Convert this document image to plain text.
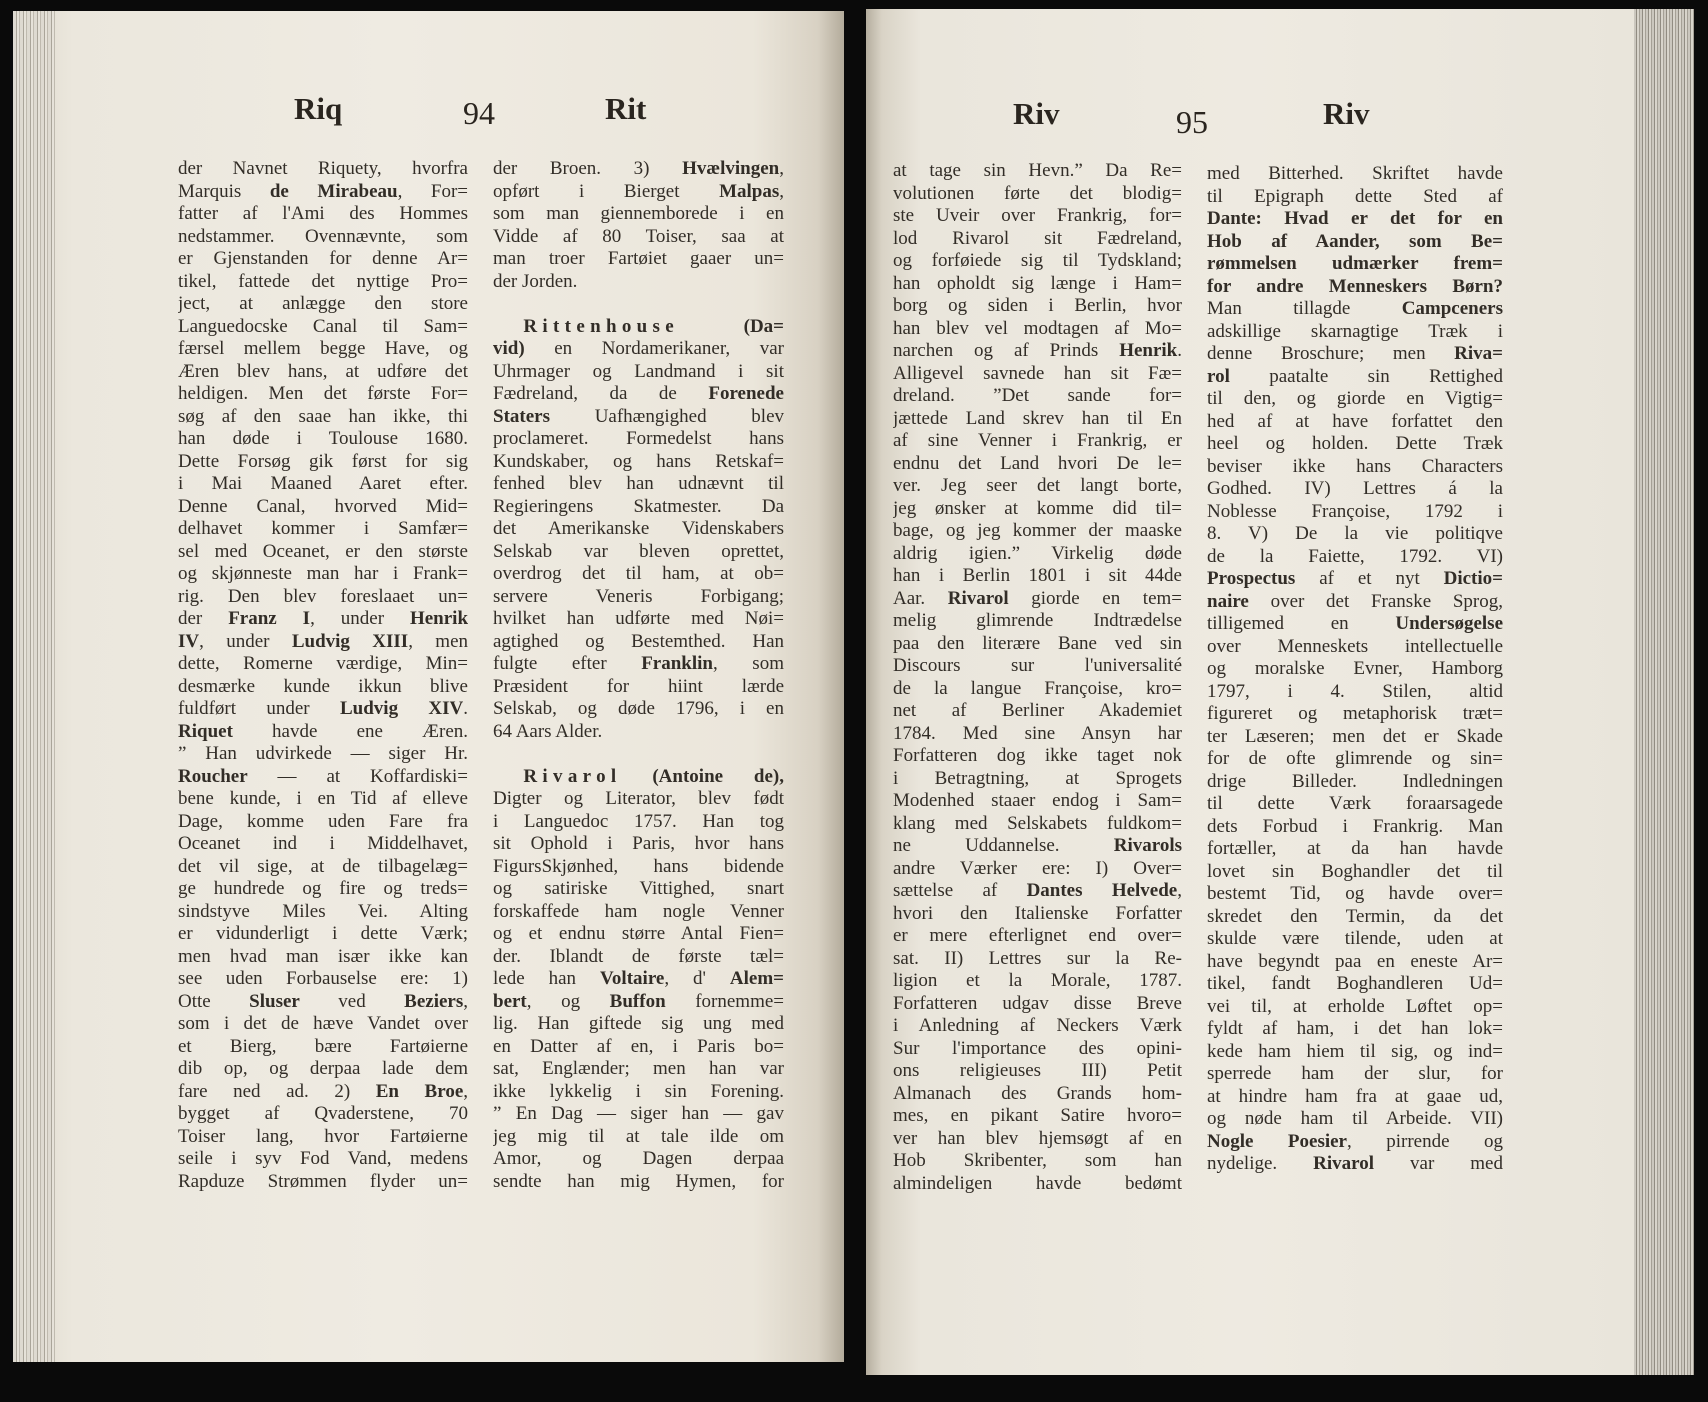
Riq	94	Rit
der Navnet Riquety, hvorfra
Marquis de Mirabeau, For=
fatter af l'Ami des Hommes
nedstammer. Ovennævnte, som
er Gjenstanden for denne Ar=
tikel, fattede det nyttige Pro=
ject, at anlægge den store
Languedocske Canal til Sam=
færsel mellem begge Have, og
Æren blev hans, at udføre det
heldigen. Men det første For=
søg af den saae han ikke, thi
han døde i Toulouse 1680.
Dette Forsøg gik først for sig
i Mai Maaned Aaret efter.
Denne Canal, hvorved Mid=
delhavet kommer i Samfær=
sel med Oceanet, er den største
og skjønneste man har i Frank=
rig. Den blev foreslaaet un=
der Franz I, under Henrik
IV, under Ludvig XIII, men
dette, Romerne værdige, Min=
desmærke kunde ikkun blive
fuldført under Ludvig XIV.
Riquet havde ene Æren.
” Han udvirkede — siger Hr.
Roucher — at Koffardiski=
bene kunde, i en Tid af elleve
Dage, komme uden Fare fra
Oceanet ind i Middelhavet,
det vil sige, at de tilbagelæg=
ge hundrede og fire og treds=
sindstyve Miles Vei. Alting
er vidunderligt i dette Værk;
men hvad man især ikke kan
see uden Forbauselse ere: 1)
Otte Sluser ved Beziers,
som i det de hæve Vandet over
et Bierg, bære Fartøierne
dib op, og derpaa lade dem
fare ned ad. 2) En Broe,
bygget af Qvaderstene, 70
Toiser lang, hvor Fartøierne
seile i syv Fod Vand, medens
Rapduze Strømmen flyder un=
der Broen. 3) Hvælvingen,
opført i Bierget Malpas,
som man giennemborede i en
Vidde af 80 Toiser, saa at
man troer Fartøiet gaaer un=
der Jorden.
Rittenhouse	(Da=
vid) en Nordamerikaner, var
Uhrmager og Landmand i sit
Fædreland, da de Forenede
Staters Uafhængighed blev
proclameret. Formedelst hans
Kundskaber, og hans Retskaf=
fenhed blev han udnævnt til
Regieringens Skatmester. Da
det Amerikanske Videnskabers
Selskab var bleven oprettet,
overdrog det til ham, at ob=
servere Veneris Forbigang;
hvilket han udførte med Nøi=
agtighed og Bestemthed. Han
fulgte efter Franklin, som
Præsident for hiint lærde
Selskab, og døde 1796, i en
64 Aars Alder.
Rivarol (Antoine de),
Digter og Literator, blev født
i Languedoc 1757. Han tog
sit Ophold i Paris, hvor hans
FigursSkjønhed, hans bidende
og satiriske Vittighed, snart
forskaffede ham nogle Venner
og et endnu større Antal Fien=
der. Iblandt de første tæl=
lede han Voltaire, d' Alem=
bert, og Buffon fornemme=
lig. Han giftede sig ung med
en Datter af en, i Paris bo=
sat, Englænder; men han var
ikke lykkelig i sin Forening.
” En Dag — siger han — gav
jeg mig til at tale ilde om
Amor, og Dagen derpaa
sendte han mig Hymen, for
Riv	95	Riv
at tage sin Hevn.” Da Re=
volutionen førte det blodig=
ste Uveir over Frankrig, for=
lod Rivarol sit Fædreland,
og forføiede sig til Tydskland;
han opholdt sig længe i Ham=
borg og siden i Berlin, hvor
han blev vel modtagen af Mo=
narchen og af Prinds Henrik.
Alligevel savnede han sit Fæ=
dreland. ”Det sande for=
jættede Land skrev han til En
af sine Venner i Frankrig, er
endnu det Land hvori De le=
ver. Jeg seer det langt borte,
jeg ønsker at komme did til=
bage, og jeg kommer der maaske
aldrig igien.” Virkelig døde
han i Berlin 1801 i sit 44de
Aar. Rivarol giorde en tem=
melig glimrende Indtrædelse
paa den literære Bane ved sin
Discours sur l'universalité
de la langue Françoise, kro=
net af Berliner Akademiet
1784. Med sine Ansyn har
Forfatteren dog ikke taget nok
i Betragtning, at Sprogets
Modenhed staaer endog i Sam=
klang med Selskabets fuldkom=
ne Uddannelse. Rivarols
andre Værker ere: I) Over=
sættelse af Dantes Helvede,
hvori den Italienske Forfatter
er mere efterlignet end over=
sat. II) Lettres sur la Re-
ligion et la Morale, 1787.
Forfatteren udgav disse Breve
i Anledning af Neckers Værk
Sur l'importance des opini-
ons religieuses III) Petit
Almanach des Grands hom-
mes, en pikant Satire hvoro=
ver han blev hjemsøgt af en
Hob Skribenter, som han
almindeligen havde bedømt
med Bitterhed. Skriftet havde
til Epigraph dette Sted af
Dante: Hvad er det for en
Hob af Aander, som Be=
rømmelsen udmærker frem=
for andre Menneskers Børn?
Man tillagde Campceners
adskillige skarnagtige Træk i
denne Broschure; men Riva=
rol paatalte sin Rettighed
til den, og giorde en Vigtig=
hed af at have forfattet den
heel og holden. Dette Træk
beviser ikke hans Characters
Godhed. IV) Lettres á la
Noblesse Françoise, 1792 i
8. V) De la vie politiqve
de la Faiette, 1792. VI)
Prospectus af et nyt Dictio=
naire over det Franske Sprog,
tilligemed en Undersøgelse
over Menneskets intellectuelle
og moralske Evner, Hamborg
1797, i 4. Stilen, altid
figureret og metaphorisk træt=
ter Læseren; men det er Skade
for de ofte glimrende og sin=
drige Billeder. Indledningen
til dette Værk foraarsagede
dets Forbud i Frankrig. Man
fortæller, at da han havde
lovet sin Boghandler det til
bestemt Tid, og havde over=
skredet den Termin, da det
skulde være tilende, uden at
have begyndt paa en eneste Ar=
tikel, fandt Boghandleren Ud=
vei til, at erholde Løftet op=
fyldt af ham, i det han lok=
kede ham hiem til sig, og ind=
sperrede ham der slur, for
at hindre ham fra at gaae ud,
og nøde ham til Arbeide. VII)
Nogle Poesier, pirrende og
nydelige. Rivarol var med
